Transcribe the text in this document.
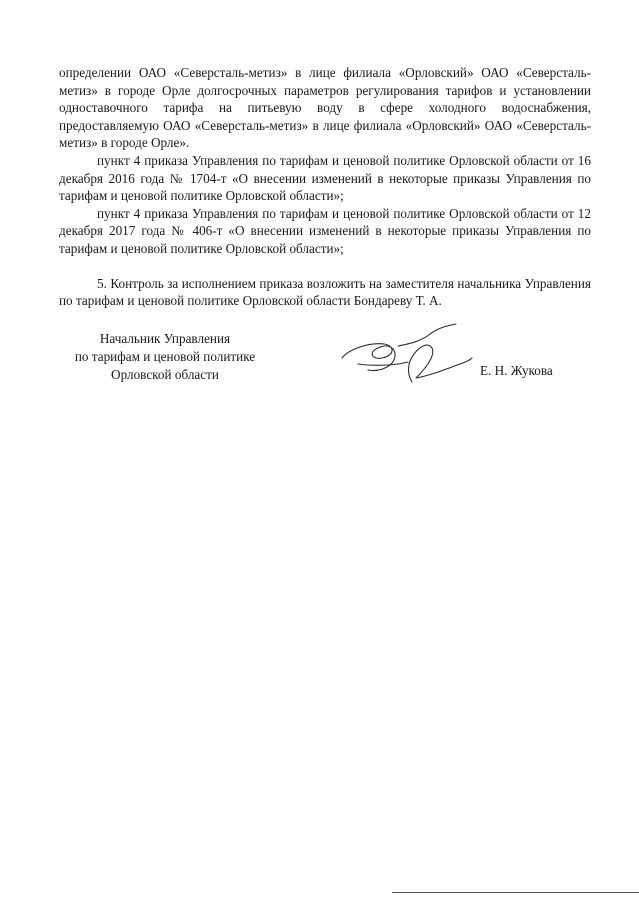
определении ОАО «Северсталь-метиз» в лице филиала «Орловский» ОАО «Северсталь-метиз» в городе Орле долгосрочных параметров регулирования тарифов и установлении одноставочного тарифа на питьевую воду в сфере холодного водоснабжения, предоставляемую ОАО «Северсталь-метиз» в лице филиала «Орловский» ОАО «Северсталь-метиз» в городе Орле».

пункт 4 приказа Управления по тарифам и ценовой политике Орловской области от 16 декабря 2016 года № 1704-т «О внесении изменений в некоторые приказы Управления по тарифам и ценовой политике Орловской области»;

пункт 4 приказа Управления по тарифам и ценовой политике Орловской области от 12 декабря 2017 года № 406-т «О внесении изменений в некоторые приказы Управления по тарифам и ценовой политике Орловской области»;

5. Контроль за исполнением приказа возложить на заместителя начальника Управления по тарифам и ценовой политике Орловской области Бондареву Т. А.

Начальник Управления
по тарифам и ценовой политике
Орловской области	Е. Н. Жукова
